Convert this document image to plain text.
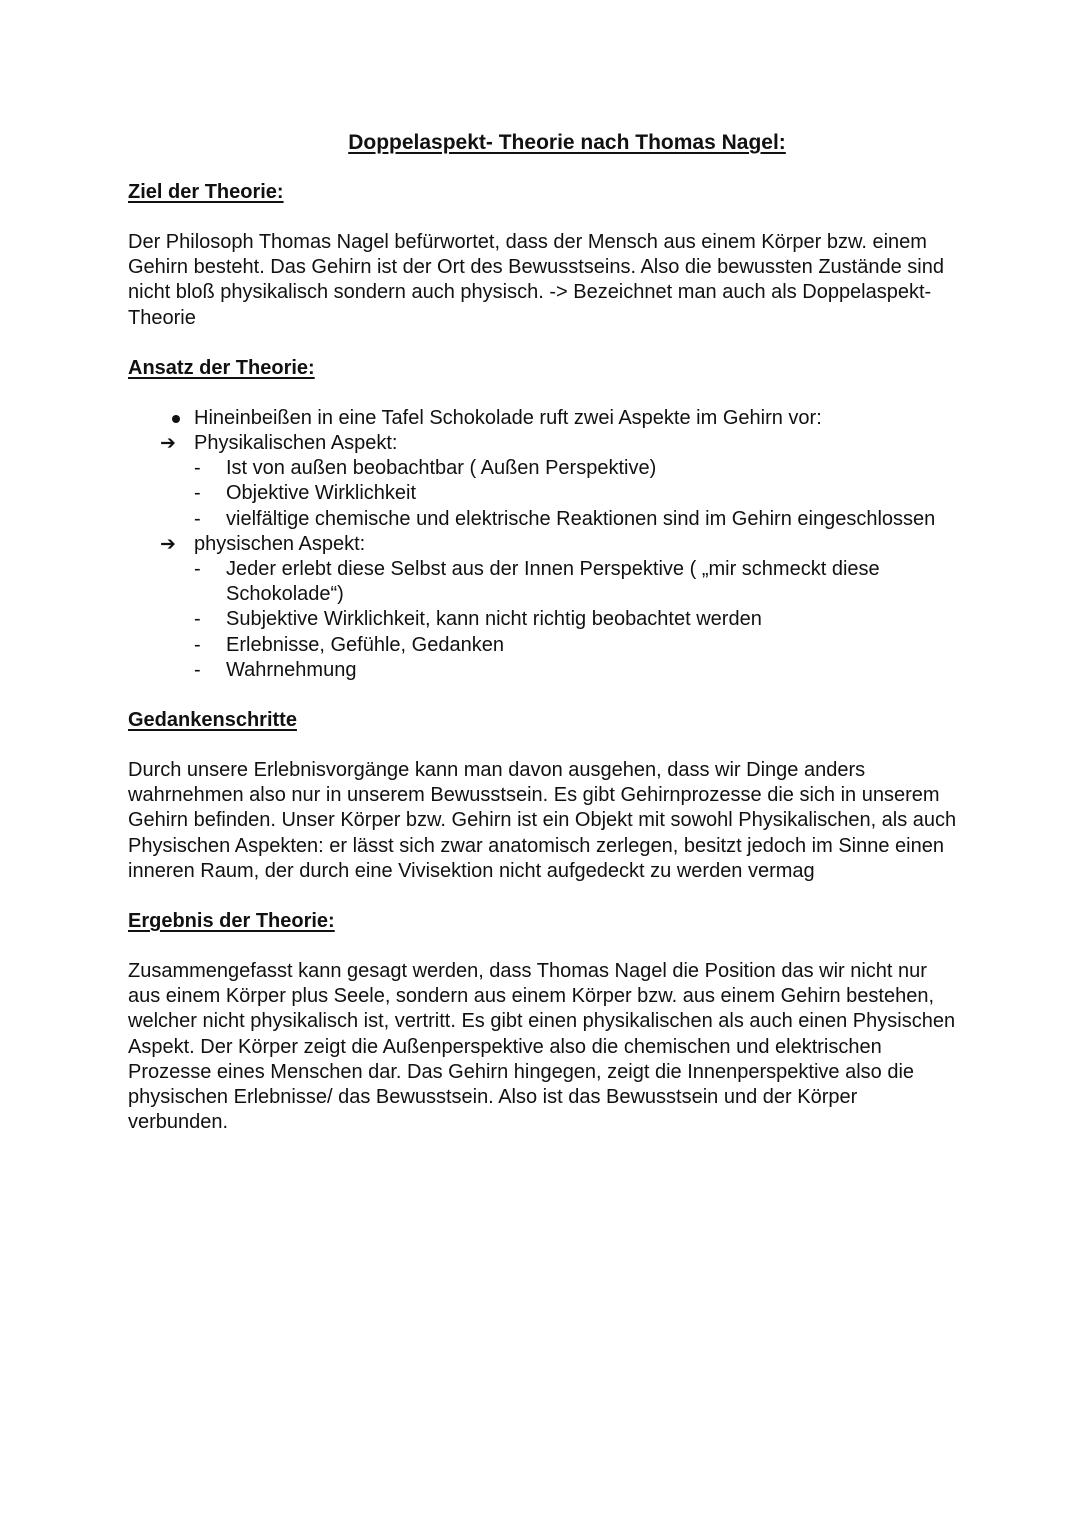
Doppelaspekt- Theorie nach Thomas Nagel:

Ziel der Theorie:

Der Philosoph Thomas Nagel befürwortet, dass der Mensch aus einem Körper bzw. einem Gehirn besteht. Das Gehirn ist der Ort des Bewusstseins. Also die bewussten Zustände sind nicht bloß physikalisch sondern auch physisch. -> Bezeichnet man auch als Doppelaspekt- Theorie

Ansatz der Theorie:

Hineinbeißen in eine Tafel Schokolade ruft zwei Aspekte im Gehirn vor:
➔ Physikalischen Aspekt:
- Ist von außen beobachtbar ( Außen Perspektive)
- Objektive Wirklichkeit
- vielfältige chemische und elektrische Reaktionen sind im Gehirn eingeschlossen
➔ physischen Aspekt:
- Jeder erlebt diese Selbst aus der Innen Perspektive ( „mir schmeckt diese Schokolade“)
- Subjektive Wirklichkeit, kann nicht richtig beobachtet werden
- Erlebnisse, Gefühle, Gedanken
- Wahrnehmung

Gedankenschritte

Durch unsere Erlebnisvorgänge kann man davon ausgehen, dass wir Dinge anders wahrnehmen also nur in unserem Bewusstsein. Es gibt Gehirnprozesse die sich in unserem Gehirn befinden. Unser Körper bzw. Gehirn ist ein Objekt mit sowohl Physikalischen, als auch Physischen Aspekten: er lässt sich zwar anatomisch zerlegen, besitzt jedoch im Sinne einen inneren Raum, der durch eine Vivisektion nicht aufgedeckt zu werden vermag

Ergebnis der Theorie:

Zusammengefasst kann gesagt werden, dass Thomas Nagel die Position das wir nicht nur aus einem Körper plus Seele, sondern aus einem Körper bzw. aus einem Gehirn bestehen, welcher nicht physikalisch ist, vertritt. Es gibt einen physikalischen als auch einen Physischen Aspekt. Der Körper zeigt die Außenperspektive also die chemischen und elektrischen Prozesse eines Menschen dar. Das Gehirn hingegen, zeigt die Innenperspektive also die physischen Erlebnisse/ das Bewusstsein. Also ist das Bewusstsein und der Körper verbunden.
